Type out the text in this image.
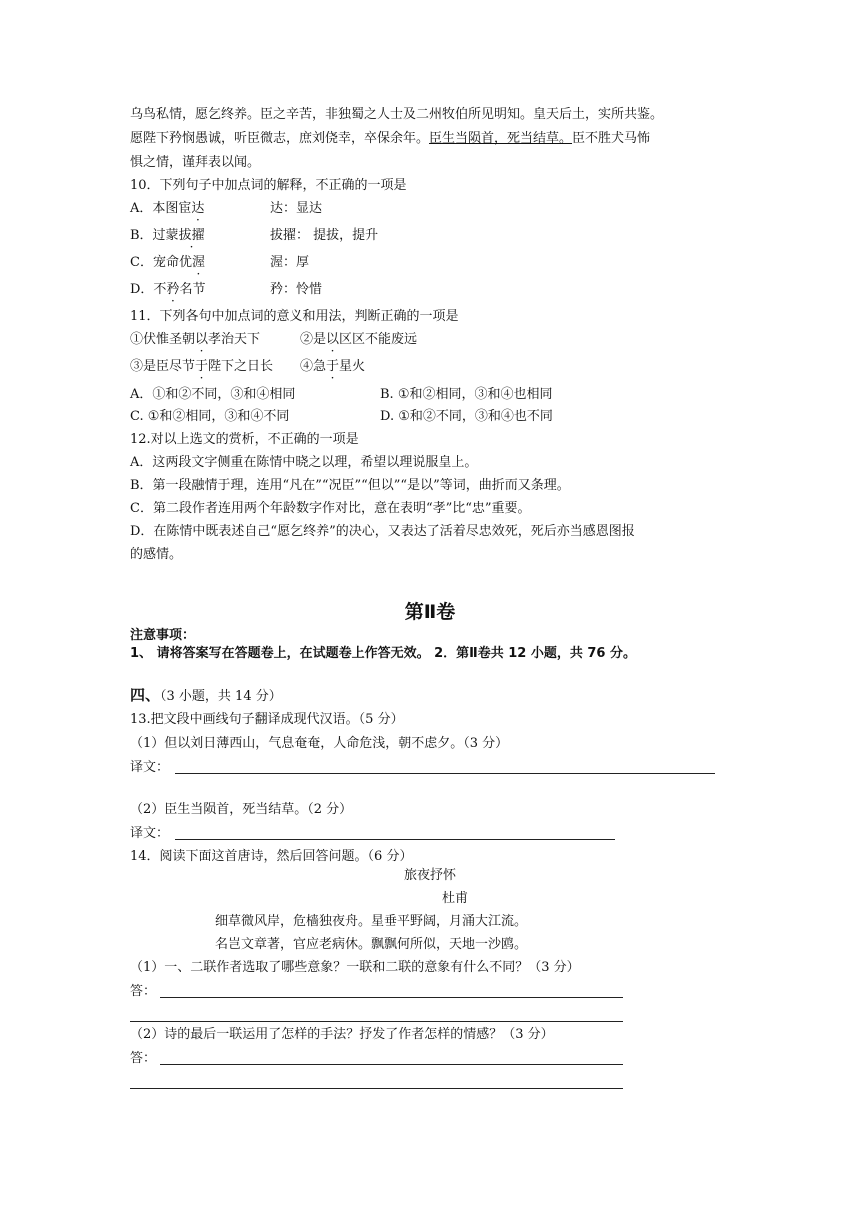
乌鸟私情，愿乞终养。臣之辛苦，非独蜀之人士及二州牧伯所见明知。皇天后土，实所共鉴。
愿陛下矜悯愚诚，听臣微志，庶刘侥幸，卒保余年。臣生当陨首，死当结草。臣不胜犬马怖
惧之情，谨拜表以闻。
10．下列句子中加点词的解释，不正确的一项是
A．本图宦达	达：显达
B．过蒙拔擢	拔擢： 提拔，提升
C．宠命优渥	渥：厚
D．不矜名节	矜：怜惜
11．下列各句中加点词的意义和用法，判断正确的一项是
①伏惟圣朝以孝治天下	②是以区区不能废远
③是臣尽节于陛下之日长 ④急于星火
A．①和②不同，③和④相同	B. ①和②相同，③和④也相同
C. ①和②相同，③和④不同	D. ①和②不同，③和④也不同
12.对以上选文的赏析，不正确的一项是
A．这两段文字侧重在陈情中晓之以理，希望以理说服皇上。
B．第一段融情于理，连用“凡在”“况臣”“但以”“是以”等词，曲折而又条理。
C．第二段作者连用两个年龄数字作对比，意在表明“孝”比“忠”重要。
D．在陈情中既表述自己“愿乞终养”的决心，又表达了活着尽忠效死，死后亦当感恩图报
的感情。
第Ⅱ卷
注意事项：
1、 请将答案写在答题卷上，在试题卷上作答无效。 2．第Ⅱ卷共 12 小题，共 76 分。
四、（3 小题，共 14 分）
13.把文段中画线句子翻译成现代汉语。（5 分）
（1）但以刘日薄西山，气息奄奄，人命危浅，朝不虑夕。（3 分）
译文：
（2）臣生当陨首，死当结草。（2 分）
译文：
14．阅读下面这首唐诗，然后回答问题。（6 分）
旅夜抒怀
杜甫
细草微风岸，危樯独夜舟。星垂平野阔，月涌大江流。
名岂文章著，官应老病休。飘飘何所似，天地一沙鸥。
（1）一、二联作者选取了哪些意象？一联和二联的意象有什么不同？（3 分）
答：
（2）诗的最后一联运用了怎样的手法？抒发了作者怎样的情感？（3 分）
答：
